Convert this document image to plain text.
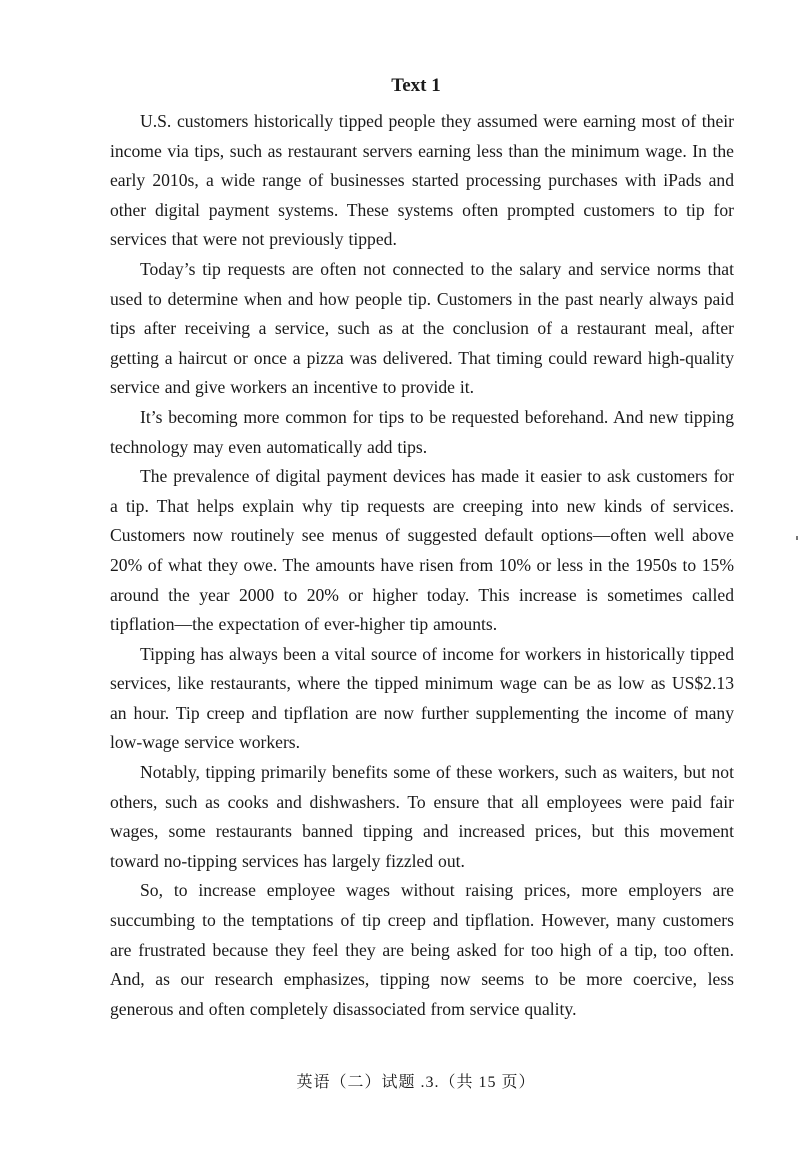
Text 1

U.S. customers historically tipped people they assumed were earning most of their income via tips, such as restaurant servers earning less than the minimum wage. In the early 2010s, a wide range of businesses started processing purchases with iPads and other digital payment systems. These systems often prompted customers to tip for services that were not previously tipped.

Today’s tip requests are often not connected to the salary and service norms that used to determine when and how people tip. Customers in the past nearly always paid tips after receiving a service, such as at the conclusion of a restaurant meal, after getting a haircut or once a pizza was delivered. That timing could reward high-quality service and give workers an incentive to provide it.

It’s becoming more common for tips to be requested beforehand. And new tipping technology may even automatically add tips.

The prevalence of digital payment devices has made it easier to ask customers for a tip. That helps explain why tip requests are creeping into new kinds of services. Customers now routinely see menus of suggested default options—often well above 20% of what they owe. The amounts have risen from 10% or less in the 1950s to 15% around the year 2000 to 20% or higher today. This increase is sometimes called tipflation—the expectation of ever-higher tip amounts.

Tipping has always been a vital source of income for workers in historically tipped services, like restaurants, where the tipped minimum wage can be as low as US$2.13 an hour. Tip creep and tipflation are now further supplementing the income of many low-wage service workers.

Notably, tipping primarily benefits some of these workers, such as waiters, but not others, such as cooks and dishwashers. To ensure that all employees were paid fair wages, some restaurants banned tipping and increased prices, but this movement toward no-tipping services has largely fizzled out.

So, to increase employee wages without raising prices, more employers are succumbing to the temptations of tip creep and tipflation. However, many customers are frustrated because they feel they are being asked for too high of a tip, too often. And, as our research emphasizes, tipping now seems to be more coercive, less generous and often completely disassociated from service quality.

英语（二）试题 .3.（共 15 页）
